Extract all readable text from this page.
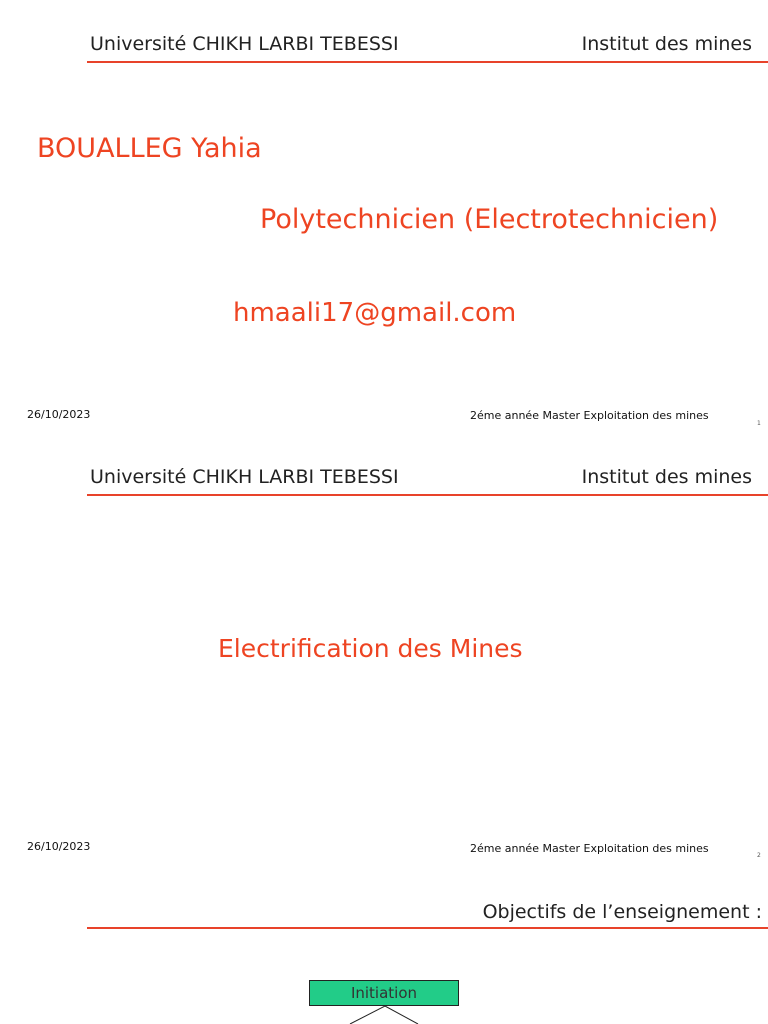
Université CHIKH LARBI TEBESSI	Institut des mines
BOUALLEG Yahia
Polytechnicien (Electrotechnicien)
hmaali17@gmail.com
26/10/2023	2éme année Master Exploitation des mines
1
Université CHIKH LARBI TEBESSI	Institut des mines
Electrification des Mines
26/10/2023	2éme année Master Exploitation des mines
2
Objectifs de l’enseignement :
Initiation
